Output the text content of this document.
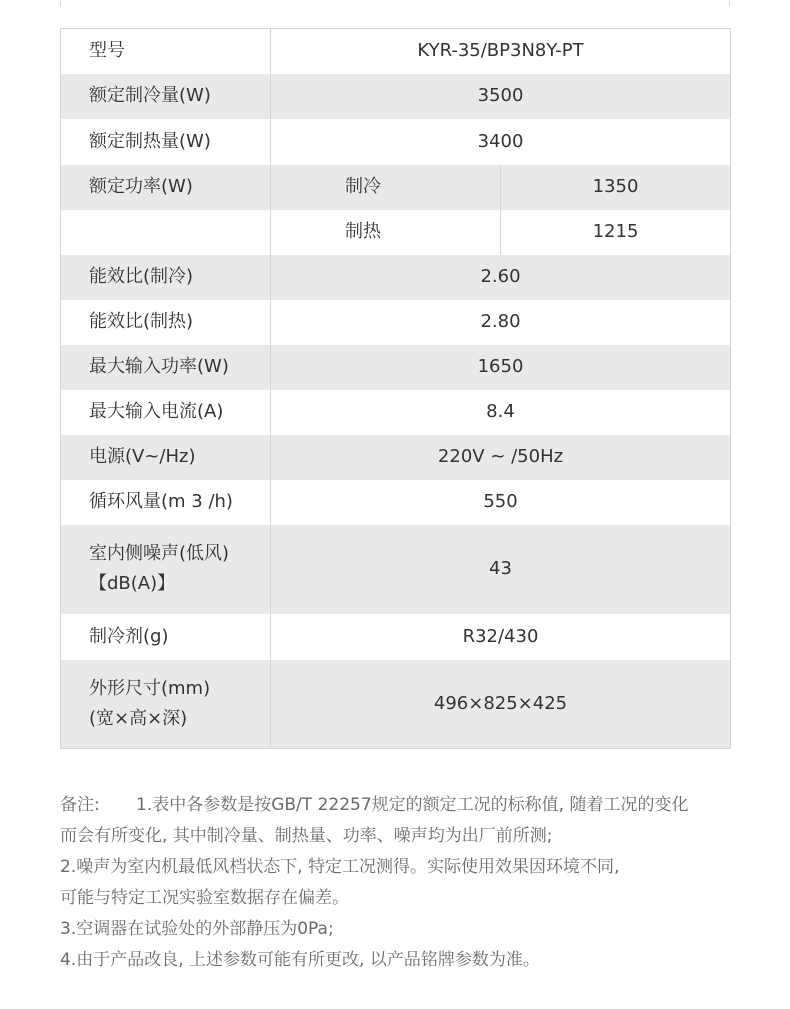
型号	KYR-35/BP3N8Y-PT	
额定制冷量(W)	3500	
额定制热量(W)	3400	
额定功率(W)	制冷	1350
	制热	1215
能效比(制冷)	2.60	
能效比(制热)	2.80	
最大输入功率(W)	1650	
最大输入电流(A)	8.4	
电源(V~/Hz)	220V ~ /50Hz	
循环风量(m 3 /h)	550	

室内侧噪声(低风)
【dB(A)】	43	
制冷剂(g)	R32/430	

外形尺寸(mm)
(宽×高×深)	496×825×425	
备注: 1.表中各参数是按GB/T 22257规定的额定工况的标称值, 随着工况的变化
而会有所变化, 其中制冷量、制热量、功率、噪声均为出厂前所测;
2.噪声为室内机最低风档状态下, 特定工况测得。实际使用效果因环境不同,
可能与特定工况实验室数据存在偏差。
3.空调器在试验处的外部静压为0Pa;
4.由于产品改良, 上述参数可能有所更改, 以产品铭牌参数为准。
